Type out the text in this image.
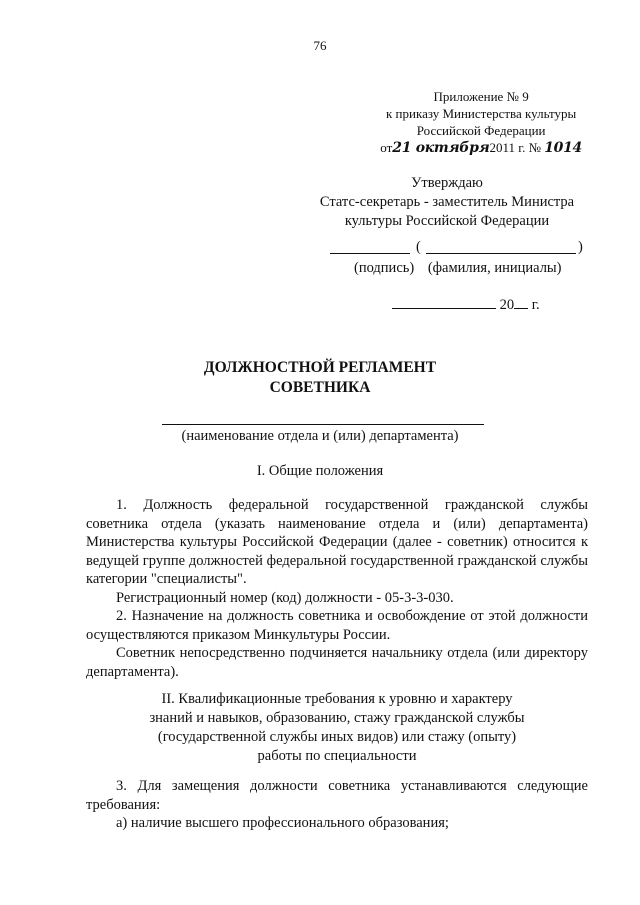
76
Приложение № 9
к приказу Министерства культуры
Российской Федерации
от21 октября2011 г. № 1014
Утверждаю
Статс-секретарь - заместитель Министра
культуры Российской Федерации
(	)
(подпись) (фамилия, инициалы)
20 г.
ДОЛЖНОСТНОЙ РЕГЛАМЕНТ
СОВЕТНИКА
(наименование отдела и (или) департамента)
I. Общие положения

1. Должность федеральной государственной гражданской службы советника отдела (указать наименование отдела и (или) департамента) Министерства культуры Российской Федерации (далее - советник) относится к ведущей группе должностей федеральной государственной гражданской службы категории "специалисты".

Регистрационный номер (код) должности - 05-3-3-030.

2. Назначение на должность советника и освобождение от этой должности осуществляются приказом Минкультуры России.

Советник непосредственно подчиняется начальнику отдела (или директору департамента).

II. Квалификационные требования к уровню и характеру
знаний и навыков, образованию, стажу гражданской службы
(государственной службы иных видов) или стажу (опыту)
работы по специальности

3. Для замещения должности советника устанавливаются следующие требования:

а) наличие высшего профессионального образования;
